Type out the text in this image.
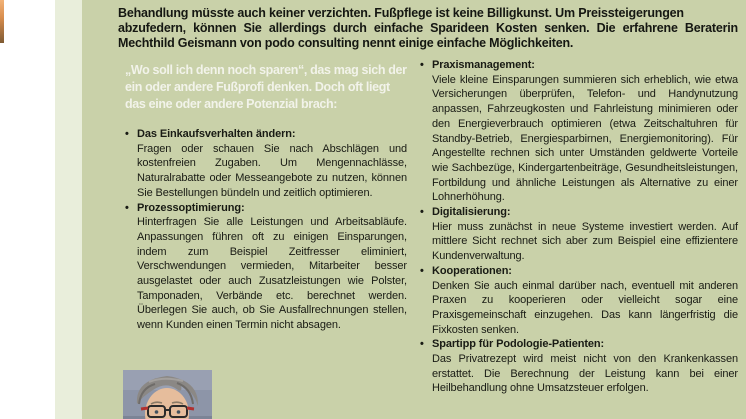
Behandlung müsste auch keiner verzichten. Fußpflege ist keine Billigkunst. Um Preissteigerungen
abzufedern, können Sie allerdings durch einfache Sparideen Kosten senken. Die erfahrene Beraterin Mechthild Geismann von podo consulting nennt einige einfache Möglichkeiten.

„Wo soll ich denn noch sparen“, das mag sich der ein oder andere Fußprofi denken. Doch oft liegt das eine oder andere Potenzial brach:
• Das Einkaufsverhalten ändern:
Fragen oder schauen Sie nach Abschlägen und kostenfreien Zugaben. Um Mengennachlässe, Naturalrabatte oder Messeangebote zu nutzen, können Sie Bestellungen bündeln und zeitlich optimieren.
• Prozessoptimierung:
Hinterfragen Sie alle Leistungen und Arbeitsabläufe. Anpassungen führen oft zu einigen Einsparungen, indem zum Beispiel Zeitfresser eliminiert, Verschwendungen vermieden, Mitarbeiter besser ausgelastet oder auch Zusatzleistungen wie Polster, Tamponaden, Verbände etc. berechnet werden. Überlegen Sie auch, ob Sie Ausfallrechnungen stellen, wenn Kunden einen Termin nicht absagen.
• Praxismanagement:
Viele kleine Einsparungen summieren sich erheblich, wie etwa Versicherungen überprüfen, Telefon- und Handynutzung anpassen, Fahrzeugkosten und Fahrleistung minimieren oder den Energieverbrauch optimieren (etwa Zeitschaltuhren für Standby-Betrieb, Energiesparbirnen, Energiemonitoring). Für Angestellte rechnen sich unter Umständen geldwerte Vorteile wie Sachbezüge, Kindergartenbeiträge, Gesundheitsleistungen, Fortbildung und ähnliche Leistungen als Alternative zu einer Lohnerhöhung.
• Digitalisierung:
Hier muss zunächst in neue Systeme investiert werden. Auf mittlere Sicht rechnet sich aber zum Beispiel eine effizientere Kundenverwaltung.
• Kooperationen:
Denken Sie auch einmal darüber nach, eventuell mit anderen Praxen zu kooperieren oder vielleicht sogar eine Praxisgemeinschaft einzugehen. Das kann längerfristig die Fixkosten senken.
• Spartipp für Podologie-Patienten:
Das Privatrezept wird meist nicht von den Krankenkassen erstattet. Die Berechnung der Leistung kann bei einer Heilbehandlung ohne Umsatzsteuer erfolgen.
